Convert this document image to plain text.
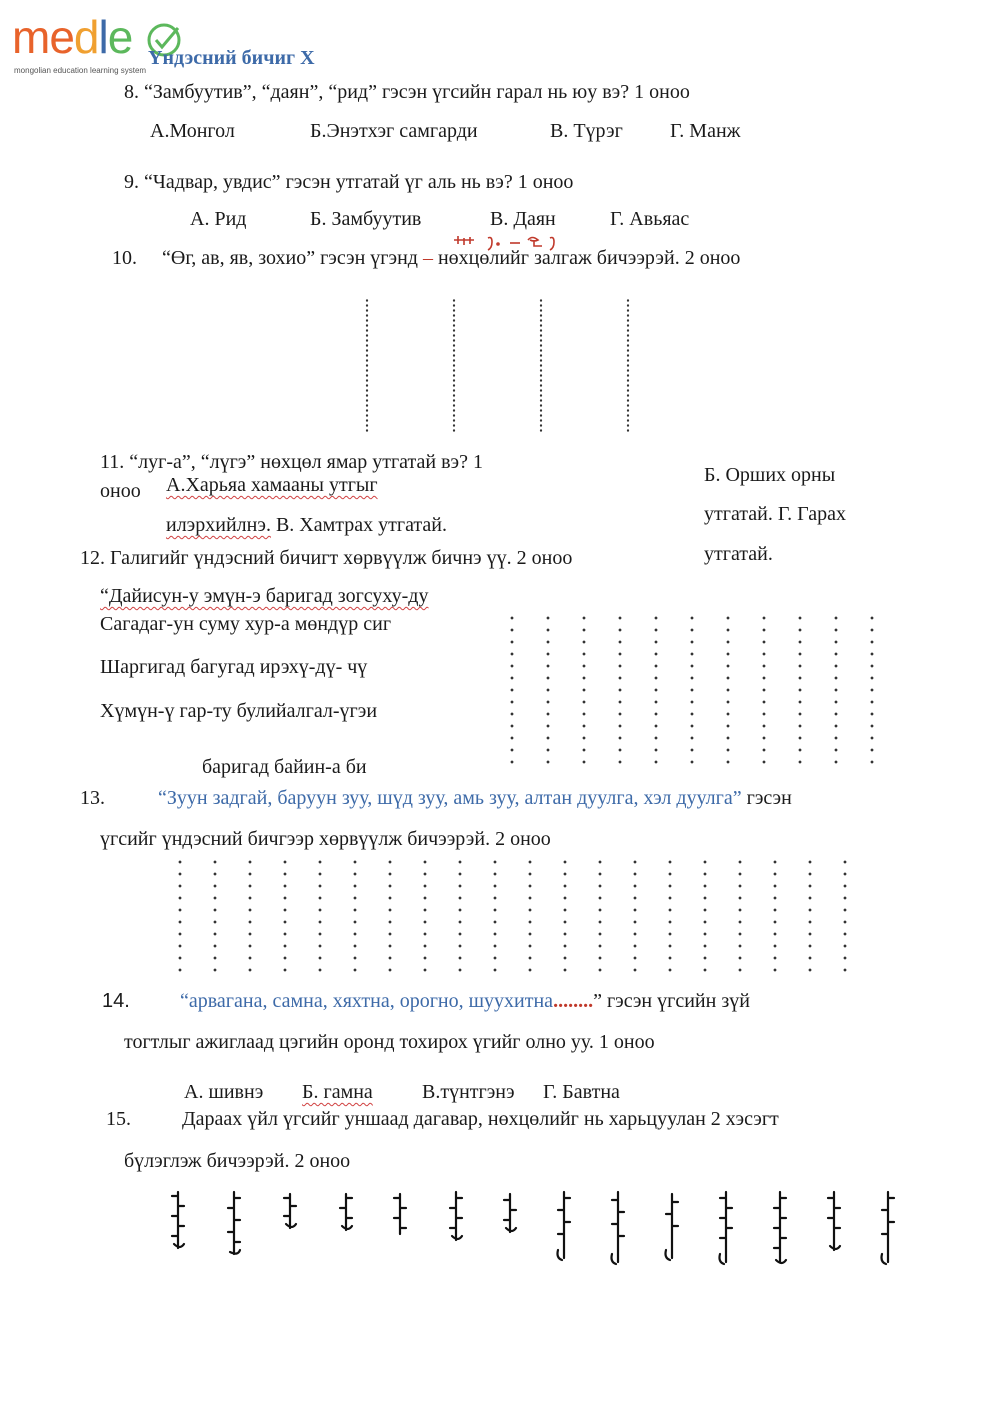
medle
mongolian education learning system
Үндэсний бичиг X
8. “Замбуутив”, “даян”, “рид” гэсэн үгсийн гарал нь юу вэ? 1 оноо
А.Монгол	Б.Энэтхэг самгарди	В. Түрэг Г. Манж
9. “Чадвар, увдис” гэсэн утгатай үг аль нь вэ? 1 оноо
А. Рид	Б. Замбуутив	В. Даян	Г. Авьяас
10. “Өг, ав, яв, зохио” гэсэн үгэнд – нөхцөлийг залгаж бичээрэй. 2 оноо
11. “луг-а”, “лүгэ” нөхцөл ямар утгатай вэ? 1
оноо А.Харьяа хамааны утгыг
илэрхийлнэ. В. Хамтрах утгатай.
Б. Орших орны
утгатай. Г. Гарах
утгатай.
12. Галигийг үндэсний бичигт хөрвүүлж бичнэ үү. 2 оноо
“Дайисун-у эмүн-э баригад зогсуху-ду
Сагадаг-ун суму хур-а мөндүр сиг
Шаргигад багугад ирэхү-дү- чү
Хүмүн-ү гар-ту булийалгал-үгэи
баригад байин-а би
13.	“Зуун задгай, баруун зуу, шүд зуу, амь зуу, алтан дуулга, хэл дуулга” гэсэн
үгсийг үндэсний бичгээр хөрвүүлж бичээрэй. 2 оноо
14.	“арвагана, самна, хяхтна, орогно, шуухитна........” гэсэн үгсийн зүй
тогтлыг ажиглаад цэгийн оронд тохирох үгийг олно уу. 1 оноо
А. шивнэ Б. гамна В.түнтгэнэ Г. Бавтна
15.	Дараах үйл үгсийг уншаад дагавар, нөхцөлийг нь харьцуулан 2 хэсэгт
бүлэглэж бичээрэй. 2 оноо
